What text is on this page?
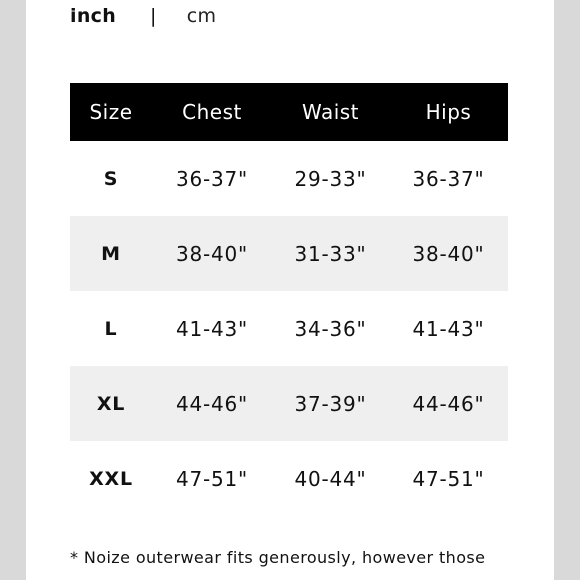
inch | cm
Size	Chest	Waist	Hips
S	36-37"	29-33"	36-37"
M	38-40"	31-33"	38-40"
L	41-43"	34-36"	41-43"
XL	44-46"	37-39"	44-46"
XXL	47-51"	40-44"	47-51"
* Noize outerwear fits generously, however those
